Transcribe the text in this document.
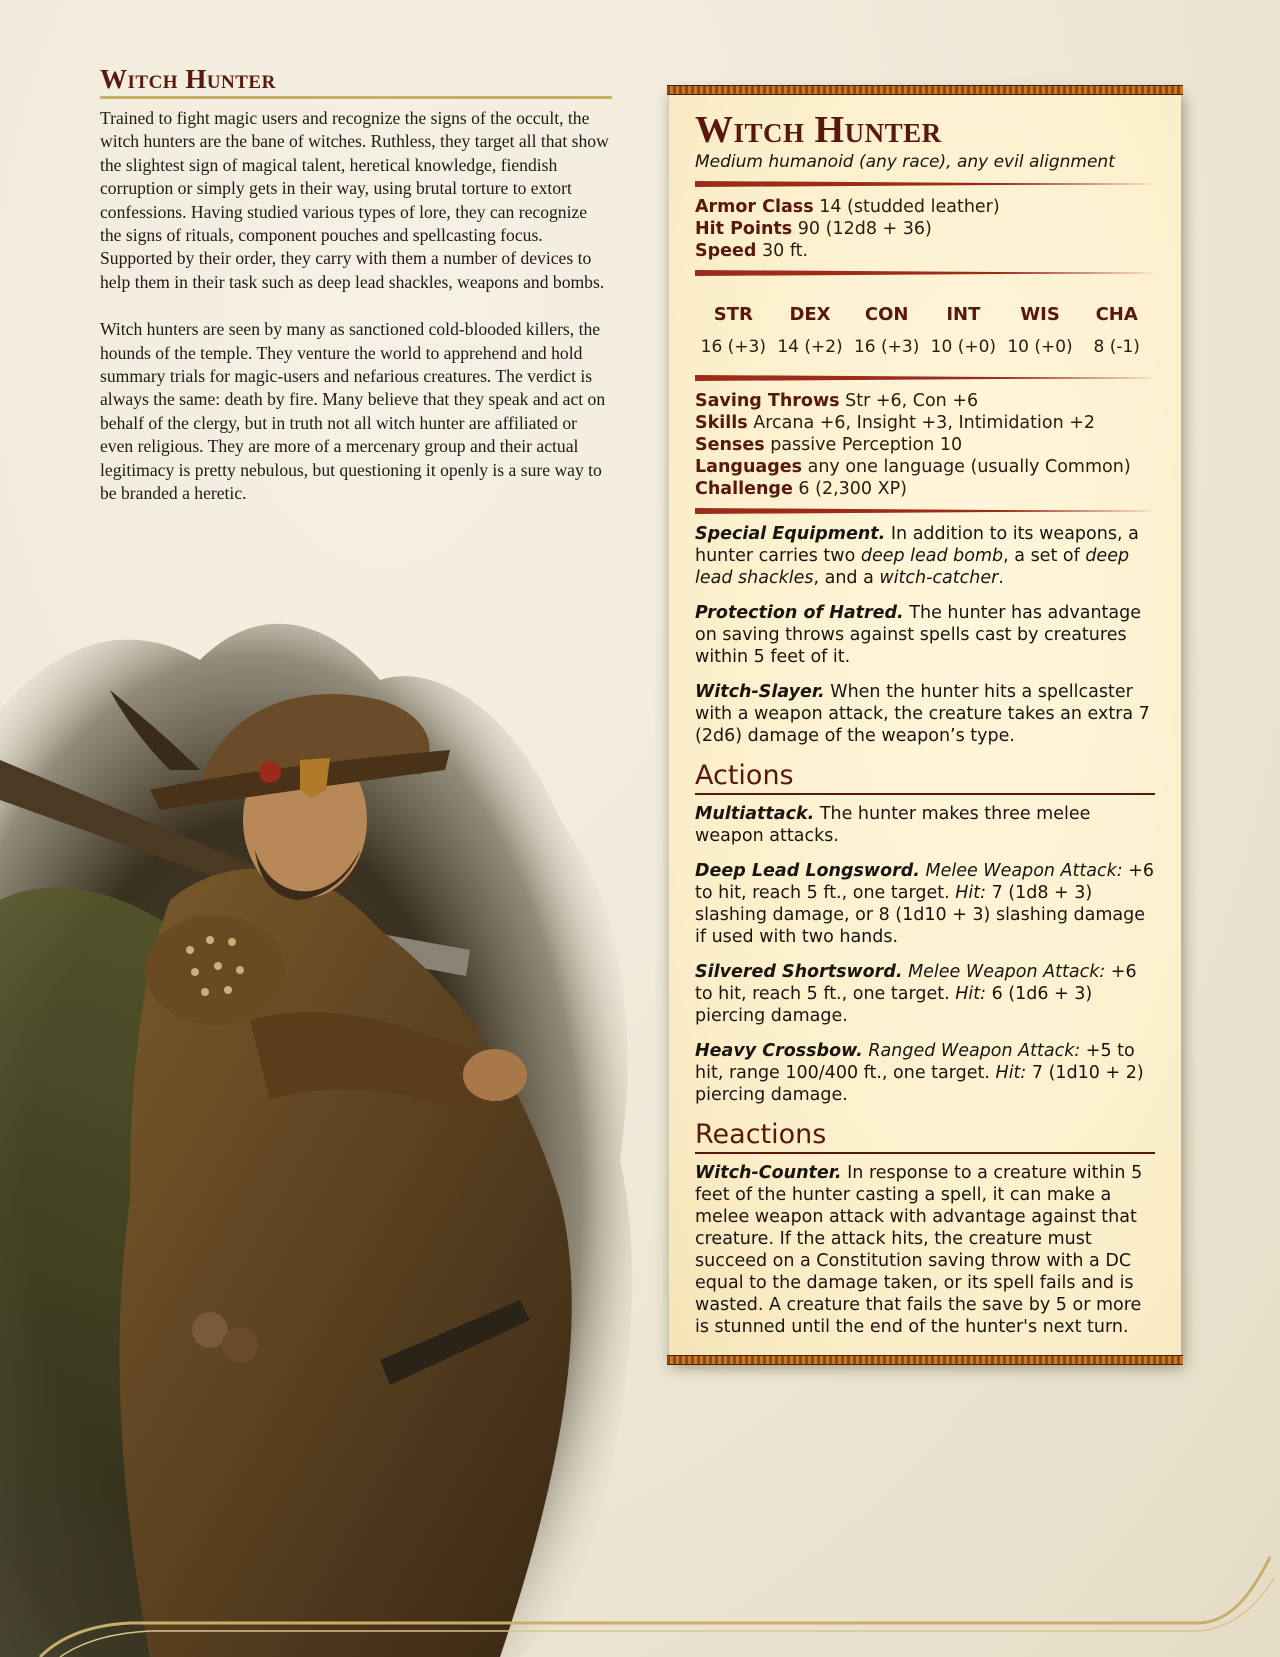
Witch Hunter

Trained to fight magic users and recognize the signs of the occult, the witch hunters are the bane of witches. Ruthless, they target all that show the slightest sign of magical talent, heretical knowledge, fiendish corruption or simply gets in their way, using brutal torture to extort confessions. Having studied various types of lore, they can recognize the signs of rituals, component pouches and spellcasting focus. Supported by their order, they carry with them a number of devices to help them in their task such as deep lead shackles, weapons and bombs.

Witch hunters are seen by many as sanctioned cold-blooded killers, the hounds of the temple. They venture the world to apprehend and hold summary trials for magic-users and nefarious creatures. The verdict is always the same: death by fire. Many believe that they speak and act on behalf of the clergy, but in truth not all witch hunter are affiliated or even religious. They are more of a mercenary group and their actual legitimacy is pretty nebulous, but questioning it openly is a sure way to be branded a heretic.

Witch Hunter
Medium humanoid (any race), any evil alignment
Armor Class 14 (studded leather)
Hit Points 90 (12d8 + 36)
Speed 30 ft.
STR
16 (+3)
DEX
14 (+2)
CON
16 (+3)
INT
10 (+0)
WIS
10 (+0)
CHA
8 (-1)
Saving Throws Str +6, Con +6
Skills Arcana +6, Insight +3, Intimidation +2
Senses passive Perception 10
Languages any one language (usually Common)
Challenge 6 (2,300 XP)

Special Equipment. In addition to its weapons, a hunter carries two deep lead bomb, a set of deep lead shackles, and a witch-catcher.

Protection of Hatred. The hunter has advantage on saving throws against spells cast by creatures within 5 feet of it.

Witch-Slayer. When the hunter hits a spellcaster with a weapon attack, the creature takes an extra 7 (2d6) damage of the weapon’s type.

Actions

Multiattack. The hunter makes three melee weapon attacks.

Deep Lead Longsword. Melee Weapon Attack: +6 to hit, reach 5 ft., one target. Hit: 7 (1d8 + 3) slashing damage, or 8 (1d10 + 3) slashing damage if used with two hands.

Silvered Shortsword. Melee Weapon Attack: +6 to hit, reach 5 ft., one target. Hit: 6 (1d6 + 3) piercing damage.

Heavy Crossbow. Ranged Weapon Attack: +5 to hit, range 100/400 ft., one target. Hit: 7 (1d10 + 2) piercing damage.

Reactions

Witch-Counter. In response to a creature within 5 feet of the hunter casting a spell, it can make a melee weapon attack with advantage against that creature. If the attack hits, the creature must succeed on a Constitution saving throw with a DC equal to the damage taken, or its spell fails and is wasted. A creature that fails the save by 5 or more is stunned until the end of the hunter's next turn.
